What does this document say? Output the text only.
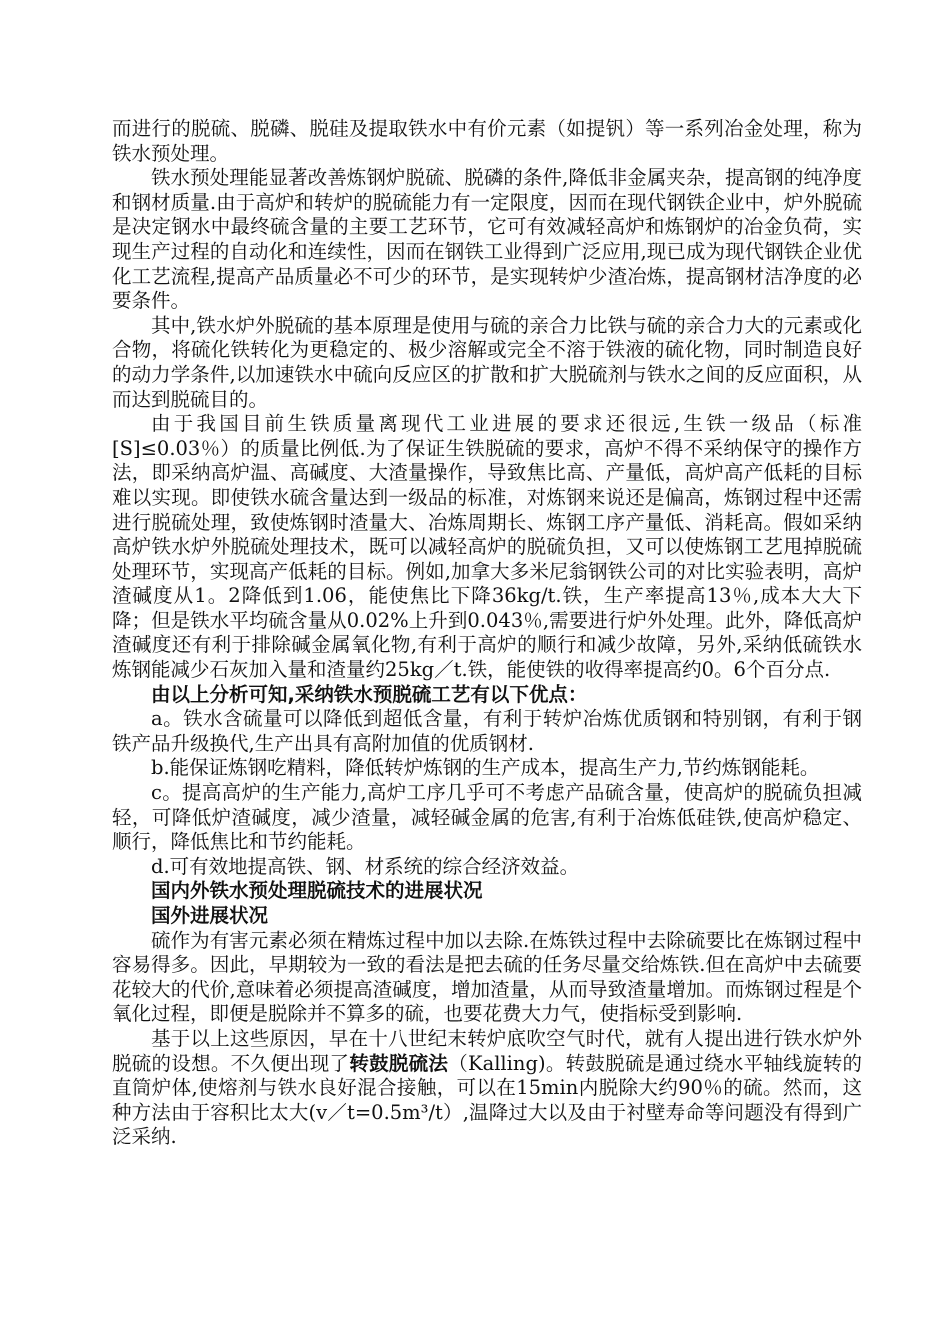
而进行的脱硫、脱磷、脱硅及提取铁水中有价元素（如提钒）等一系列冶金处理，称为铁水预处理。

铁水预处理能显著改善炼钢炉脱硫、脱磷的条件,降低非金属夹杂，提高钢的纯净度和钢材质量.由于高炉和转炉的脱硫能力有一定限度，因而在现代钢铁企业中，炉外脱硫是决定钢水中最终硫含量的主要工艺环节，它可有效减轻高炉和炼钢炉的冶金负荷，实现生产过程的自动化和连续性，因而在钢铁工业得到广泛应用,现已成为现代钢铁企业优化工艺流程,提高产品质量必不可少的环节，是实现转炉少渣冶炼，提高钢材洁净度的必要条件。

其中,铁水炉外脱硫的基本原理是使用与硫的亲合力比铁与硫的亲合力大的元素或化合物，将硫化铁转化为更稳定的、极少溶解或完全不溶于铁液的硫化物，同时制造良好的动力学条件,以加速铁水中硫向反应区的扩散和扩大脱硫剂与铁水之间的反应面积，从而达到脱硫目的。

由于我国目前生铁质量离现代工业进展的要求还很远,生铁一级品（标准[S]≤0.03％）的质量比例低.为了保证生铁脱硫的要求，高炉不得不采纳保守的操作方法，即采纳高炉温、高碱度、大渣量操作，导致焦比高、产量低，高炉高产低耗的目标难以实现。即使铁水硫含量达到一级品的标准，对炼钢来说还是偏高，炼钢过程中还需进行脱硫处理，致使炼钢时渣量大、冶炼周期长、炼钢工序产量低、消耗高。假如采纳高炉铁水炉外脱硫处理技术，既可以减轻高炉的脱硫负担，又可以使炼钢工艺甩掉脱硫处理环节，实现高产低耗的目标。例如,加拿大多米尼翁钢铁公司的对比实验表明，高炉渣碱度从1。2降低到1.06，能使焦比下降36kg/t.铁，生产率提高13％,成本大大下降；但是铁水平均硫含量从0.02%上升到0.043％,需要进行炉外处理。此外，降低高炉渣碱度还有利于排除碱金属氧化物,有利于高炉的顺行和减少故障，另外,采纳低硫铁水炼钢能减少石灰加入量和渣量约25kg／t.铁，能使铁的收得率提高约0。6个百分点.

由以上分析可知,采纳铁水预脱硫工艺有以下优点：

a。铁水含硫量可以降低到超低含量，有利于转炉冶炼优质钢和特别钢，有利于钢铁产品升级换代,生产出具有高附加值的优质钢材.

b.能保证炼钢吃精料，降低转炉炼钢的生产成本，提高生产力,节约炼钢能耗。

c。提高高炉的生产能力,高炉工序几乎可不考虑产品硫含量，使高炉的脱硫负担减轻，可降低炉渣碱度，减少渣量，减轻碱金属的危害,有利于冶炼低硅铁,使高炉稳定、顺行，降低焦比和节约能耗。

d.可有效地提高铁、钢、材系统的综合经济效益。

国内外铁水预处理脱硫技术的进展状况

国外进展状况

硫作为有害元素必须在精炼过程中加以去除.在炼铁过程中去除硫要比在炼钢过程中容易得多。因此，早期较为一致的看法是把去硫的任务尽量交给炼铁.但在高炉中去硫要花较大的代价,意味着必须提高渣碱度，增加渣量，从而导致渣量增加。而炼钢过程是个氧化过程，即便是脱除并不算多的硫，也要花费大力气，使指标受到影响.

基于以上这些原因，早在十八世纪末转炉底吹空气时代，就有人提出进行铁水炉外脱硫的设想。不久便出现了转鼓脱硫法（Kalling)。转鼓脱硫是通过绕水平轴线旋转的直筒炉体,使熔剂与铁水良好混合接触，可以在15min内脱除大约90％的硫。然而，这种方法由于容积比太大(v／t=0.5m³/t）,温降过大以及由于衬壁寿命等问题没有得到广泛采纳.
